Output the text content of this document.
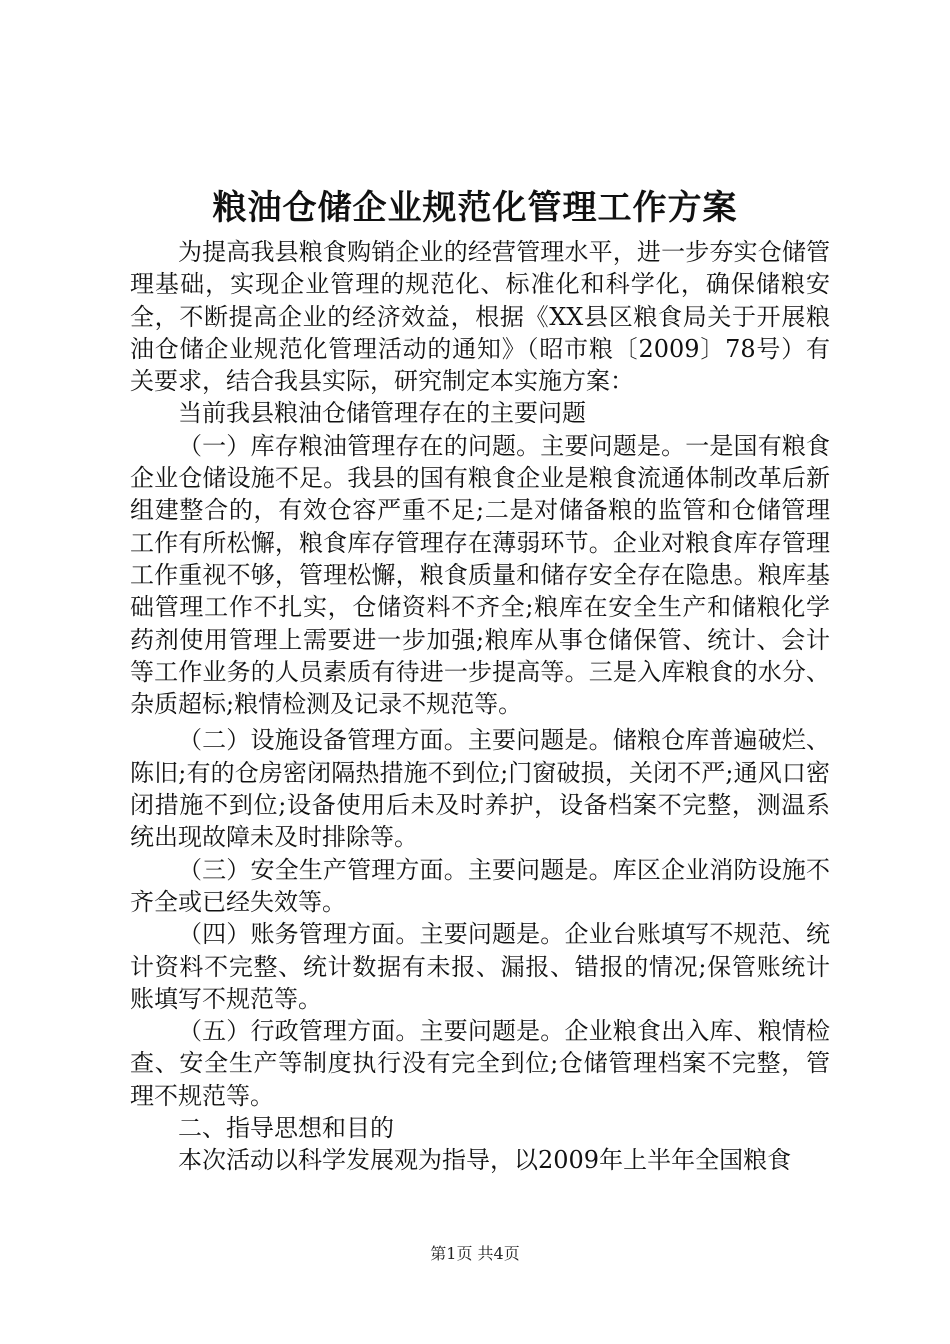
粮油仓储企业规范化管理工作方案

为提高我县粮食购销企业的经营管理水平，进一步夯实仓储管理基础，实现企业管理的规范化、标准化和科学化，确保储粮安全，不断提高企业的经济效益，根据《XX县区粮食局关于开展粮油仓储企业规范化管理活动的通知》（昭市粮〔2009〕78号）有关要求，结合我县实际，研究制定本实施方案：

当前我县粮油仓储管理存在的主要问题

（一）库存粮油管理存在的问题。主要问题是。一是国有粮食企业仓储设施不足。我县的国有粮食企业是粮食流通体制改革后新组建整合的，有效仓容严重不足;二是对储备粮的监管和仓储管理工作有所松懈，粮食库存管理存在薄弱环节。企业对粮食库存管理工作重视不够，管理松懈，粮食质量和储存安全存在隐患。粮库基础管理工作不扎实，仓储资料不齐全;粮库在安全生产和储粮化学药剂使用管理上需要进一步加强;粮库从事仓储保管、统计、会计等工作业务的人员素质有待进一步提高等。三是入库粮食的水分、杂质超标;粮情检测及记录不规范等。

（二）设施设备管理方面。主要问题是。储粮仓库普遍破烂、陈旧;有的仓房密闭隔热措施不到位;门窗破损，关闭不严;通风口密闭措施不到位;设备使用后未及时养护，设备档案不完整，测温系统出现故障未及时排除等。

（三）安全生产管理方面。主要问题是。库区企业消防设施不齐全或已经失效等。

（四）账务管理方面。主要问题是。企业台账填写不规范、统计资料不完整、统计数据有未报、漏报、错报的情况;保管账统计账填写不规范等。

（五）行政管理方面。主要问题是。企业粮食出入库、粮情检查、安全生产等制度执行没有完全到位;仓储管理档案不完整，管理不规范等。

二、指导思想和目的

本次活动以科学发展观为指导，以2009年上半年全国粮食

第1页 共4页
